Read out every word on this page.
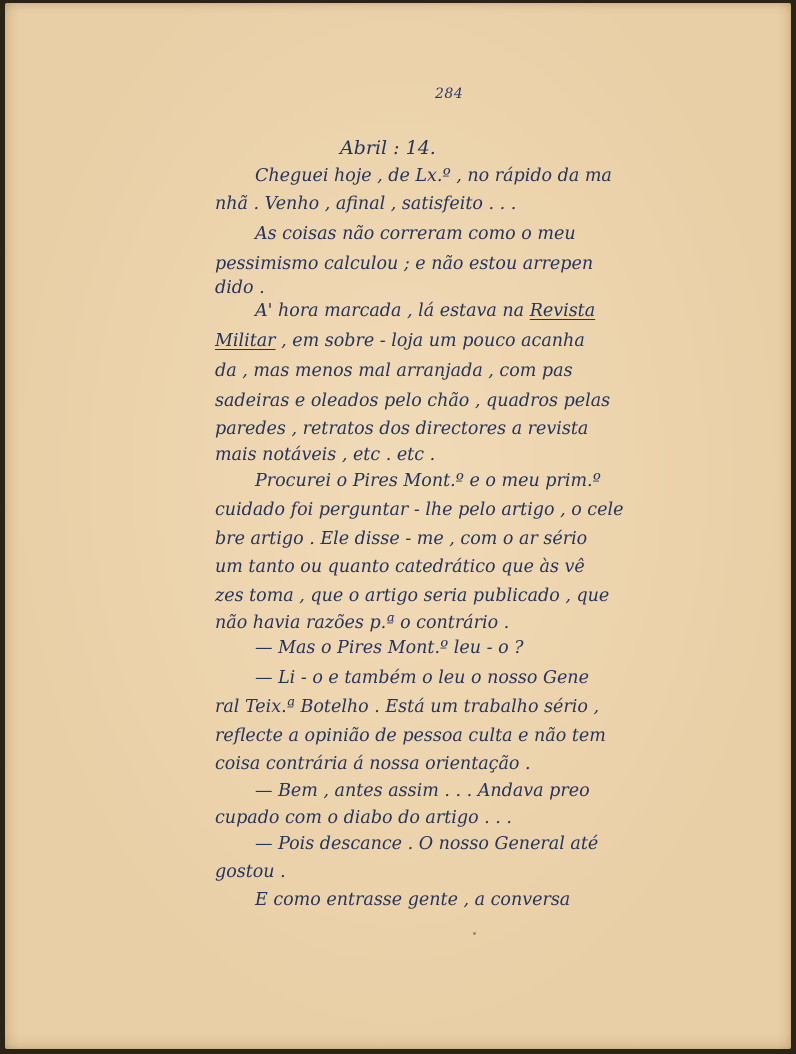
284
Abril : 14.
Cheguei hoje , de Lx.º , no rápido da ma
nhã . Venho , afinal , satisfeito . . .
As coisas não correram como o meu
pessimismo calculou ; e não estou arrepen
dido .
A' hora marcada , lá estava na Revista
Militar , em sobre - loja um pouco acanha
da , mas menos mal arranjada , com pas
sadeiras e oleados pelo chão , quadros pelas
paredes , retratos dos directores a revista
mais notáveis , etc . etc .
Procurei o Pires Mont.º e o meu prim.º
cuidado foi perguntar - lhe pelo artigo , o cele
bre artigo . Ele disse - me , com o ar sério
um tanto ou quanto catedrático que às vê
zes toma , que o artigo seria publicado , que
não havia razões p.ª o contrário .
— Mas o Pires Mont.º leu - o ?
— Li - o e também o leu o nosso Gene
ral Teix.ª Botelho . Está um trabalho sério ,
reflecte a opinião de pessoa culta e não tem
coisa contrária á nossa orientação .
— Bem , antes assim . . . Andava preo
cupado com o diabo do artigo . . .
— Pois descance . O nosso General até
gostou .
E como entrasse gente , a conversa
